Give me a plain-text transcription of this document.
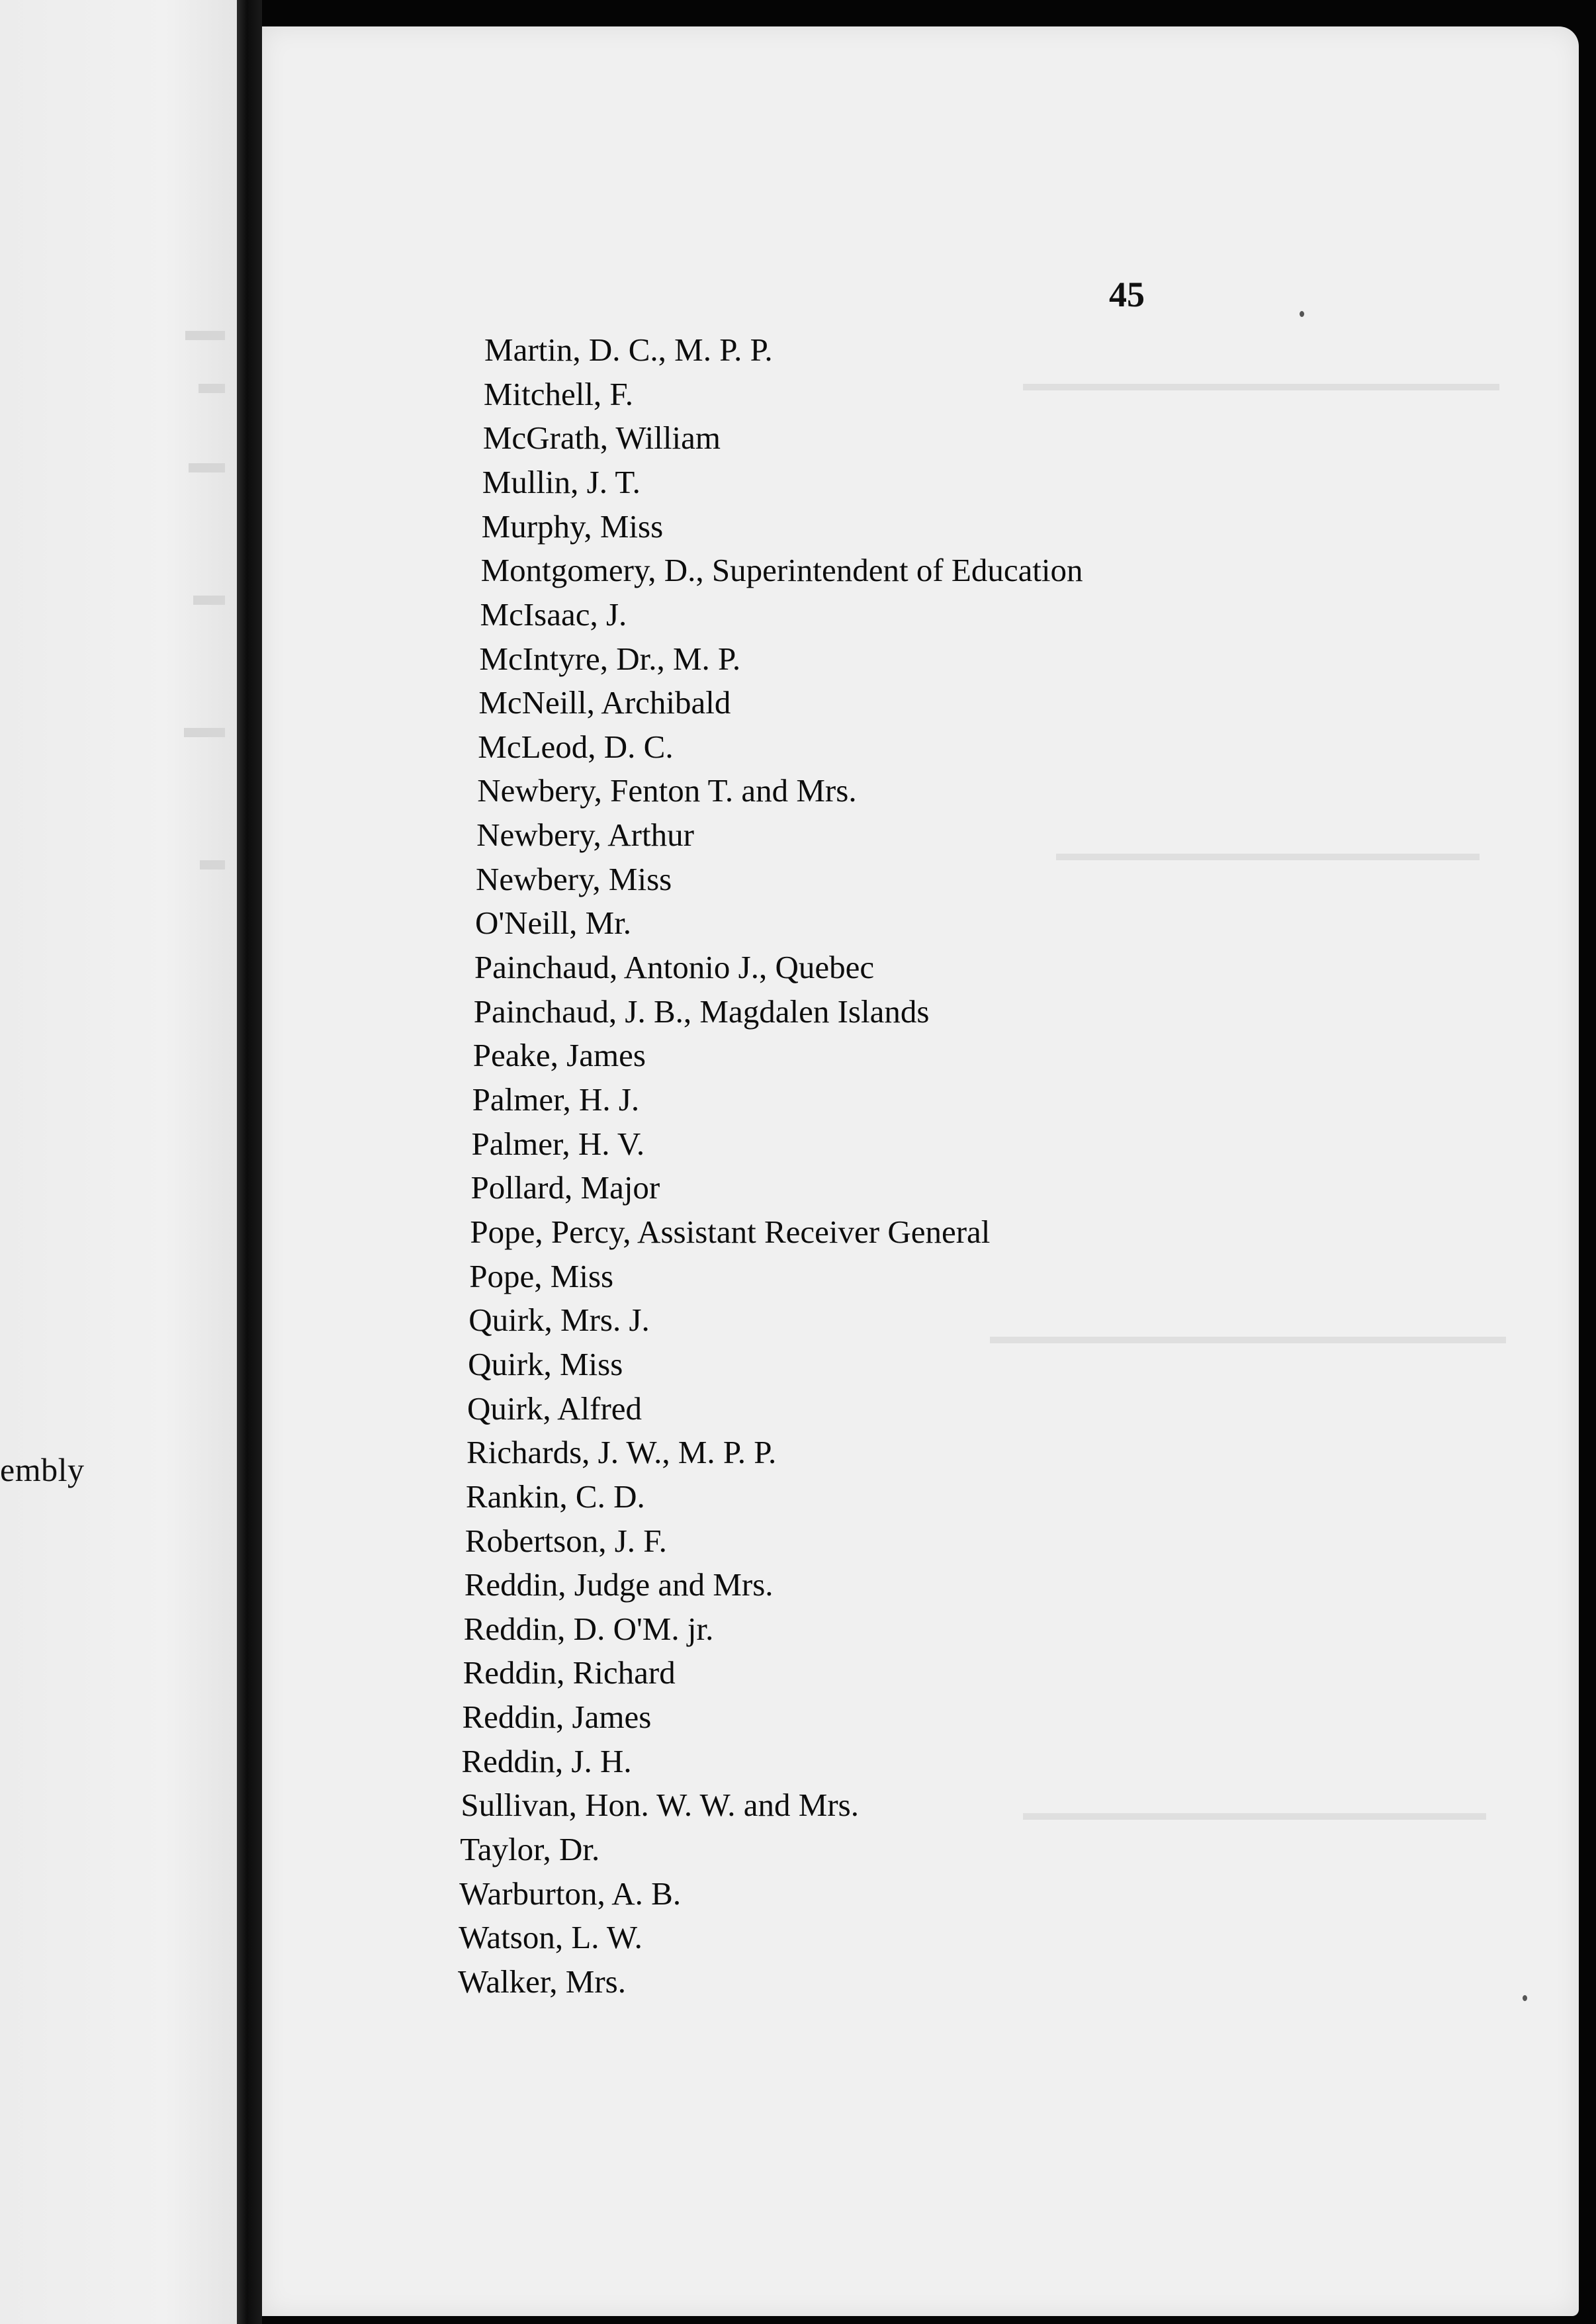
embly
45
Martin, D. C., M. P. P.
Mitchell, F.
McGrath, William
Mullin, J. T.
Murphy, Miss
Montgomery, D., Superintendent of Education
McIsaac, J.
McIntyre, Dr., M. P.
McNeill, Archibald
McLeod, D. C.
Newbery, Fenton T. and Mrs.
Newbery, Arthur
Newbery, Miss
O'Neill, Mr.
Painchaud, Antonio J., Quebec
Painchaud, J. B., Magdalen Islands
Peake, James
Palmer, H. J.
Palmer, H. V.
Pollard, Major
Pope, Percy, Assistant Receiver General
Pope, Miss
Quirk, Mrs. J.
Quirk, Miss
Quirk, Alfred
Richards, J. W., M. P. P.
Rankin, C. D.
Robertson, J. F.
Reddin, Judge and Mrs.
Reddin, D. O'M. jr.
Reddin, Richard
Reddin, James
Reddin, J. H.
Sullivan, Hon. W. W. and Mrs.
Taylor, Dr.
Warburton, A. B.
Watson, L. W.
Walker, Mrs.
